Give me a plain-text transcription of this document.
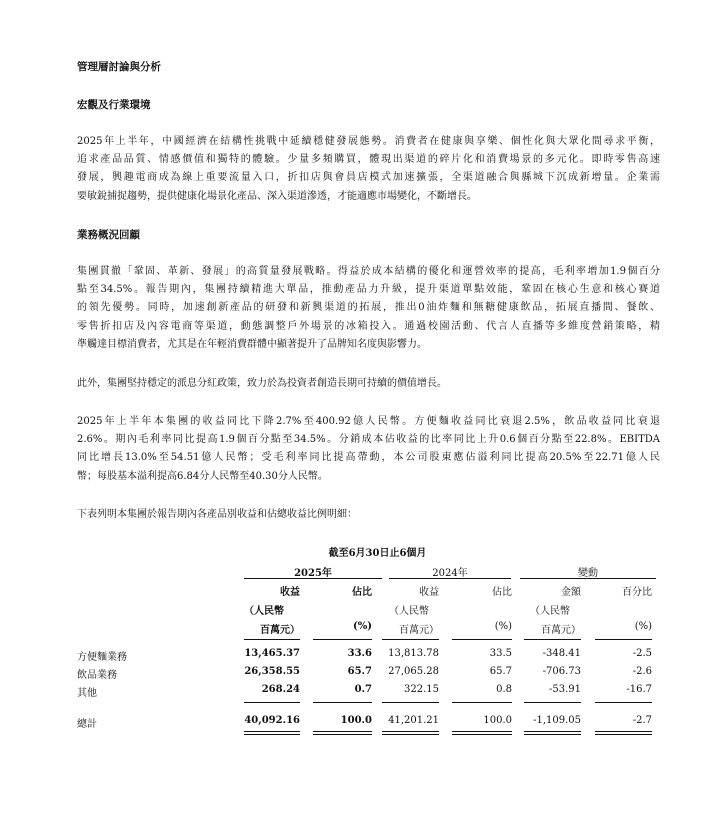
管理層討論與分析
宏觀及行業環境
2025年上半年，中國經濟在結構性挑戰中延續穩健發展態勢。消費者在健康與享樂、個性化與大眾化間尋求平衡，
追求產品品質、情感價值和獨特的體驗。少量多頻購買，體現出渠道的碎片化和消費場景的多元化。即時零售高速
發展，興趣電商成為線上重要流量入口，折扣店與會員店模式加速擴張，全渠道融合與縣城下沉成新增量。企業需
要敏銳捕捉趨勢，提供健康化場景化產品、深入渠道滲透，才能適應市場變化，不斷增長。
業務概況回顧
集團貫徹「鞏固、革新、發展」的高質量發展戰略。得益於成本結構的優化和運營效率的提高，毛利率增加1.9個百分
點至34.5%。報告期內，集團持續精進大單品，推動產品力升級，提升渠道單點效能，鞏固在核心生意和核心賽道
的領先優勢。同時，加速創新產品的研發和新興渠道的拓展，推出0油炸麵和無糖健康飲品，拓展直播間、餐飲、
零售折扣店及內容電商等渠道，動態調整戶外場景的冰箱投入。通過校園活動、代言人直播等多維度營銷策略，精
準觸達目標消費者，尤其是在年輕消費群體中顯著提升了品牌知名度與影響力。
此外，集團堅持穩定的派息分紅政策，致力於為投資者創造長期可持續的價值增長。
2025年上半年本集團的收益同比下降2.7%至400.92億人民幣。方便麵收益同比衰退2.5%，飲品收益同比衰退
2.6%。期內毛利率同比提高1.9個百分點至34.5%。分銷成本佔收益的比率同比上升0.6個百分點至22.8%。EBITDA
同比增長13.0%至54.51億人民幣；受毛利率同比提高帶動，本公司股東應佔溢利同比提高20.5%至22.71億人民
幣；每股基本溢利提高6.84分人民幣至40.30分人民幣。
下表列明本集團於報告期內各產品別收益和佔總收益比例明細：
截至6月30日止6個月
2025年	2024年	變動
收益	佔比	收益	佔比	金額	百分比
（人民幣	（人民幣	（人民幣
百萬元）	(%)	百萬元）	(%)	百萬元）	(%)
方便麵業務	13,465.37	33.6	13,813.78	33.5	-348.41	-2.5
飲品業務	26,358.55	65.7	27,065.28	65.7	-706.73	-2.6
其他	268.24	0.7	322.15	0.8	-53.91	-16.7
總計	40,092.16	100.0	41,201.21	100.0	-1,109.05	-2.7
